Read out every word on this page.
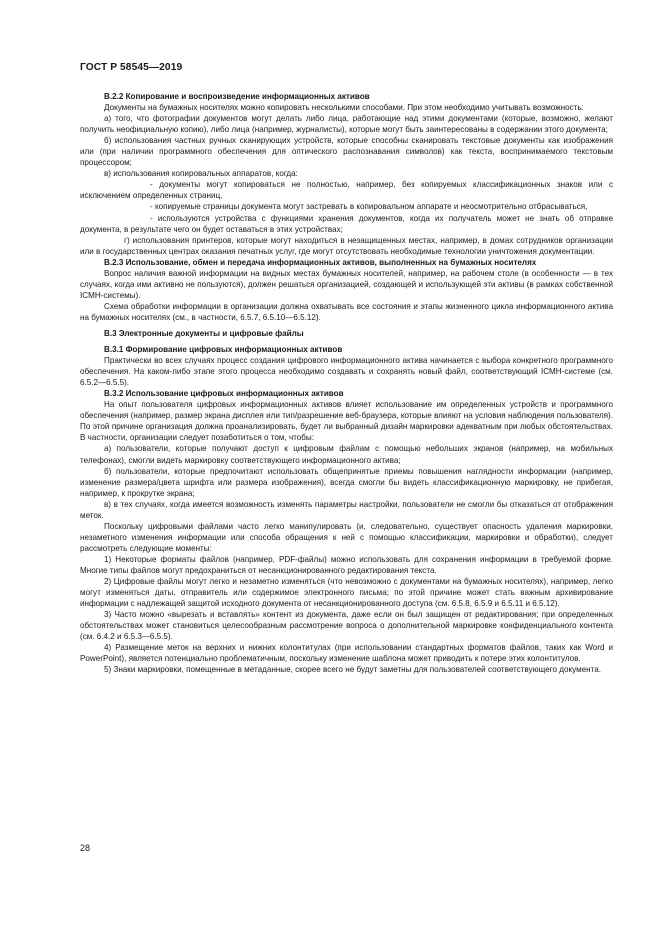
ГОСТ Р 58545—2019

В.2.2 Копирование и воспроизведение информационных активов

Документы на бумажных носителях можно копировать несколькими способами. При этом необходимо учитывать возможность:

а) того, что фотографии документов могут делать либо лица, работающие над этими документами (которые, возможно, желают получить неофициальную копию), либо лица (например, журналисты), которые могут быть заинтересованы в содержании этого документа;

б) использования частных ручных сканирующих устройств, которые способны сканировать текстовые документы как изображения или (при наличии программного обеспечения для оптического распознавания символов) как текста, воспринимаемого текстовым процессором;

в) использования копировальных аппаратов, когда:

- документы могут копироваться не полностью, например, без копируемых классификационных знаков или с исключением определенных страниц,

- копируемые страницы документа могут застревать в копировальном аппарате и неосмотрительно отбрасываться,

- используются устройства с функциями хранения документов, когда их получатель может не знать об отправке документа, в результате чего он будет оставаться в этих устройствах;

г) использования принтеров, которые могут находиться в незащищенных местах, например, в домах сотрудников организации или в государственных центрах оказания печатных услуг, где могут отсутствовать необходимые технологии уничтожения документации.

В.2.3 Использование, обмен и передача информационных активов, выполненных на бумажных носителях

Вопрос наличия важной информации на видных местах бумажных носителей, например, на рабочем столе (в особенности — в тех случаях, когда ими активно не пользуются), должен решаться организацией, создающей и использующей эти активы (в рамках собственной ICMH-системы).

Схема обработки информации в организации должна охватывать все состояния и этапы жизненного цикла информационного актива на бумажных носителях (см., в частности, 6.5.7, 6.5.10—6.5.12).

В.3 Электронные документы и цифровые файлы

В.3.1 Формирование цифровых информационных активов

Практически во всех случаях процесс создания цифрового информационного актива начинается с выбора конкретного программного обеспечения. На каком-либо этапе этого процесса необходимо создавать и сохранять новый файл, соответствующий ICMH-системе (см. 6.5.2—6.5.5).

В.3.2 Использование цифровых информационных активов

На опыт пользователя цифровых информационных активов влияет использование им определенных устройств и программного обеспечения (например, размер экрана дисплея или тип/разрешение веб-браузера, которые влияют на условия наблюдения пользователя). По этой причине организация должна проанализировать, будет ли выбранный дизайн маркировки адекватным при любых обстоятельствах. В частности, организации следует позаботиться о том, чтобы:

а) пользователи, которые получают доступ к цифровым файлам с помощью небольших экранов (например, на мобильных телефонах), смогли видеть маркировку соответствующего информационного актива;

б) пользователи, которые предпочитают использовать общепринятые приемы повышения наглядности информации (например, изменение размера/цвета шрифта или размера изображения), всегда смогли бы видеть классификационную маркировку, не прибегая, например, к прокрутке экрана;

в) в тех случаях, когда имеется возможность изменять параметры настройки, пользователи не смогли бы отказаться от отображения меток.

Поскольку цифровыми файлами часто легко манипулировать (и, следовательно, существует опасность удаления маркировки, незаметного изменения информации или способа обращения к ней с помощью классификации, маркировки и обработки), следует рассмотреть следующие моменты:

1) Некоторые форматы файлов (например, PDF-файлы) можно использовать для сохранения информации в требуемой форме. Многие типы файлов могут предохраниться от несанкционированного редактирования текста.

2) Цифровые файлы могут легко и незаметно изменяться (что невозможно с документами на бумажных носителях), например, легко могут изменяться даты, отправитель или содержимое электронного письма; по этой причине может стать важным архивирование информации с надлежащей защитой исходного документа от несанкционированного доступа (см. 6.5.8, 6.5.9 и 6.5.11 и 6.5.12).

3) Часто можно «вырезать и вставлять» контент из документа, даже если он был защищен от редактирования; при определенных обстоятельствах может становиться целесообразным рассмотрение вопроса о дополнительной маркировке конфиденциального контента (см. 6.4.2 и 6.5.3—6.5.5).

4) Размещение меток на верхних и нижних колонтитулах (при использовании стандартных форматов файлов, таких как Word и PowerPoint), является потенциально проблематичным, поскольку изменение шаблона может приводить к потере этих колонтитулов.

5) Знаки маркировки, помещенные в метаданные, скорее всего не будут заметны для пользователей соответствующего документа.

28
